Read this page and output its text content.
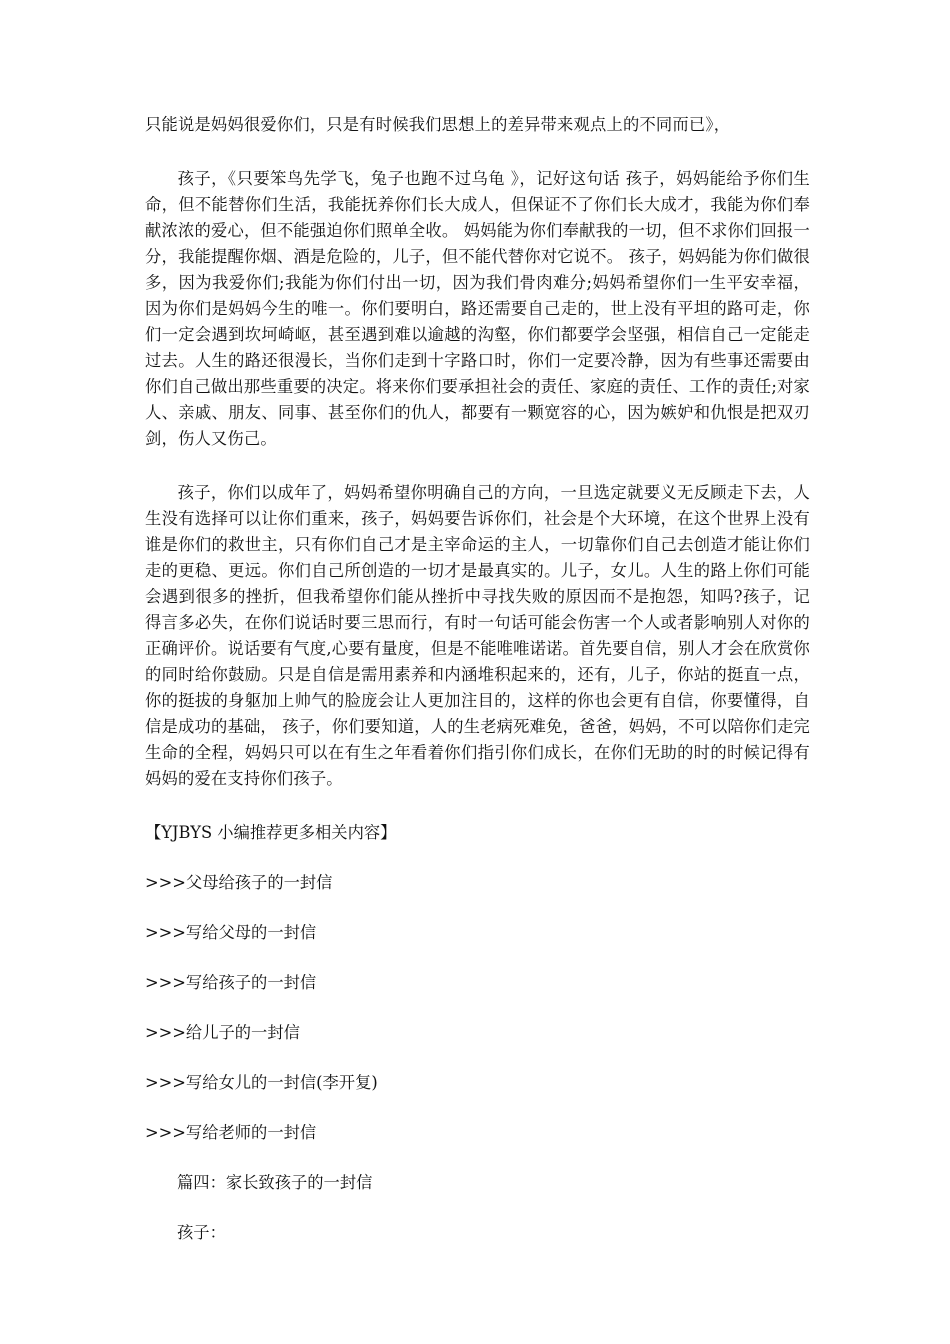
只能说是妈妈很爱你们，只是有时候我们思想上的差异带来观点上的不同而已》，

孩子，《只要笨鸟先学飞，兔子也跑不过乌龟 》，记好这句话 孩子，妈妈能给予你们生命，但不能替你们生活，我能抚养你们长大成人，但保证不了你们长大成才，我能为你们奉献浓浓的爱心，但不能强迫你们照单全收。 妈妈能为你们奉献我的一切，但不求你们回报一分，我能提醒你烟、酒是危险的，儿子，但不能代替你对它说不。 孩子，妈妈能为你们做很多，因为我爱你们;我能为你们付出一切，因为我们骨肉难分;妈妈希望你们一生平安幸福，因为你们是妈妈今生的唯一。你们要明白，路还需要自己走的，世上没有平坦的路可走，你们一定会遇到坎坷崎岖，甚至遇到难以逾越的沟壑，你们都要学会坚强，相信自己一定能走过去。人生的路还很漫长，当你们走到十字路口时，你们一定要冷静，因为有些事还需要由你们自己做出那些重要的决定。将来你们要承担社会的责任、家庭的责任、工作的责任;对家人、亲戚、朋友、同事、甚至你们的仇人，都要有一颗宽容的心，因为嫉妒和仇恨是把双刃剑，伤人又伤己。

孩子，你们以成年了，妈妈希望你明确自己的方向，一旦选定就要义无反顾走下去，人生没有选择可以让你们重来，孩子，妈妈要告诉你们，社会是个大环境，在这个世界上没有谁是你们的救世主，只有你们自己才是主宰命运的主人，一切靠你们自己去创造才能让你们走的更稳、更远。你们自己所创造的一切才是最真实的。儿子，女儿。人生的路上你们可能会遇到很多的挫折，但我希望你们能从挫折中寻找失败的原因而不是抱怨，知吗?孩子，记得言多必失，在你们说话时要三思而行，有时一句话可能会伤害一个人或者影响别人对你的正确评价。说话要有气度,心要有量度，但是不能唯唯诺诺。首先要自信，别人才会在欣赏你的同时给你鼓励。只是自信是需用素养和内涵堆积起来的，还有，儿子，你站的挺直一点，你的挺拔的身躯加上帅气的脸庞会让人更加注目的，这样的你也会更有自信，你要懂得，自信是成功的基础， 孩子，你们要知道，人的生老病死难免，爸爸，妈妈，不可以陪你们走完生命的全程，妈妈只可以在有生之年看着你们指引你们成长，在你们无助的时的时候记得有妈妈的爱在支持你们孩子。

【YJBYS 小编推荐更多相关内容】

>>>父母给孩子的一封信

>>>写给父母的一封信

>>>写给孩子的一封信

>>>给儿子的一封信

>>>写给女儿的一封信(李开复)

>>>写给老师的一封信

篇四：家长致孩子的一封信

孩子：
